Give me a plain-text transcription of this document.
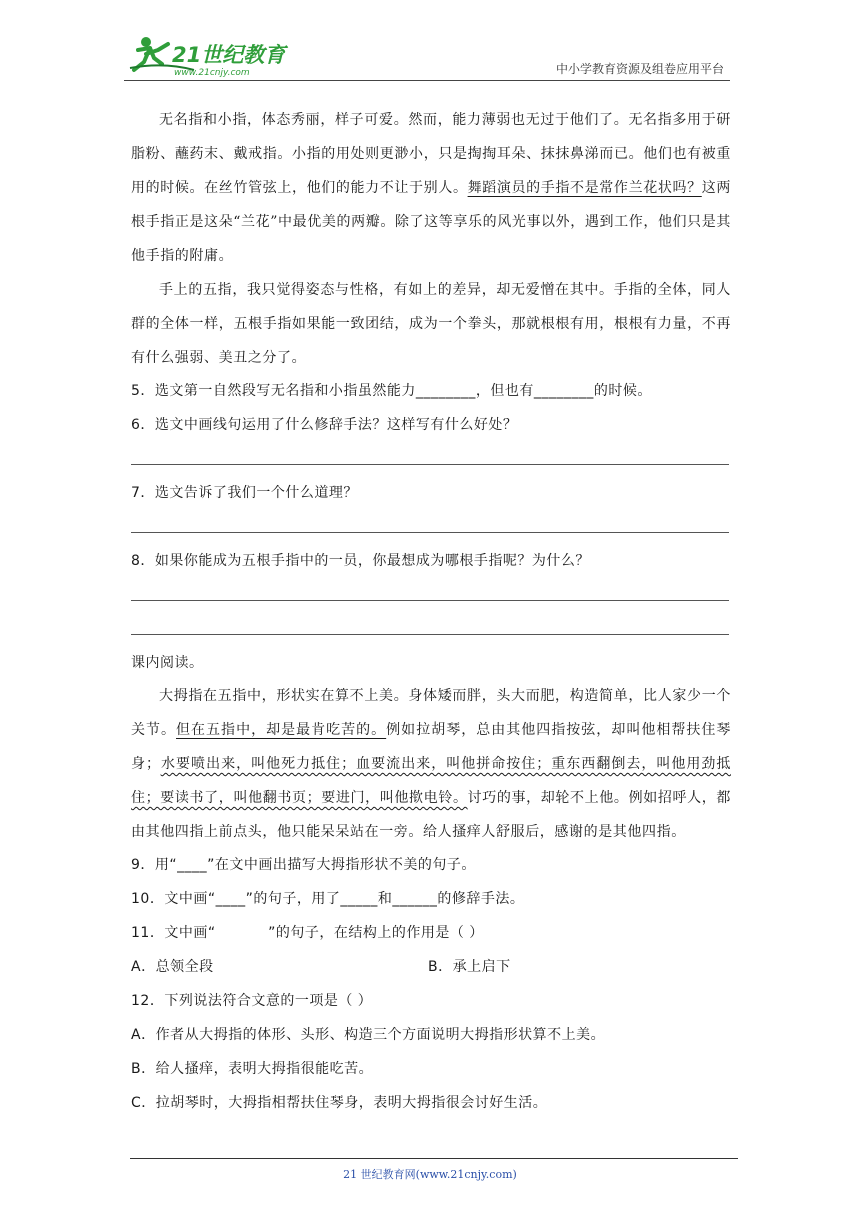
21世纪教育
www.21cnjy.com	中小学教育资源及组卷应用平台

无名指和小指，体态秀丽，样子可爱。然而，能力薄弱也无过于他们了。无名指多用于研脂粉、蘸药末、戴戒指。小指的用处则更渺小，只是掏掏耳朵、抹抹鼻涕而已。他们也有被重用的时候。在丝竹管弦上，他们的能力不让于别人。舞蹈演员的手指不是常作兰花状吗？这两根手指正是这朵“兰花”中最优美的两瓣。除了这等享乐的风光事以外，遇到工作，他们只是其他手指的附庸。

手上的五指，我只觉得姿态与性格，有如上的差异，却无爱憎在其中。手指的全体，同人群的全体一样，五根手指如果能一致团结，成为一个拳头，那就根根有用，根根有力量，不再有什么强弱、美丑之分了。

5．选文第一自然段写无名指和小指虽然能力________，但也有________的时候。
6．选文中画线句运用了什么修辞手法？这样写有什么好处？
7．选文告诉了我们一个什么道理？
8．如果你能成为五根手指中的一员，你最想成为哪根手指呢？为什么？
课内阅读。

大拇指在五指中，形状实在算不上美。身体矮而胖，头大而肥，构造简单，比人家少一个关节。但在五指中，却是最肯吃苦的。例如拉胡琴，总由其他四指按弦，却叫他相帮扶住琴身；水要喷出来，叫他死力抵住；血要流出来，叫他拼命按住；重东西翻倒去，叫他用劲抵住；要读书了，叫他翻书页；要进门，叫他揿电铃。讨巧的事，却轮不上他。例如招呼人，都由其他四指上前点头，他只能呆呆站在一旁。给人搔痒人舒服后，感谢的是其他四指。

9．用“____”在文中画出描写大拇指形状不美的句子。
10．文中画“____”的句子，用了_____和______的修辞手法。
11．文中画“	”的句子，在结构上的作用是（ ）
A．总领全段	B．承上启下
12．下列说法符合文意的一项是（ ）
A．作者从大拇指的体形、头形、构造三个方面说明大拇指形状算不上美。
B．给人搔痒，表明大拇指很能吃苦。
C．拉胡琴时，大拇指相帮扶住琴身，表明大拇指很会讨好生活。
21 世纪教育网(www.21cnjy.com)
